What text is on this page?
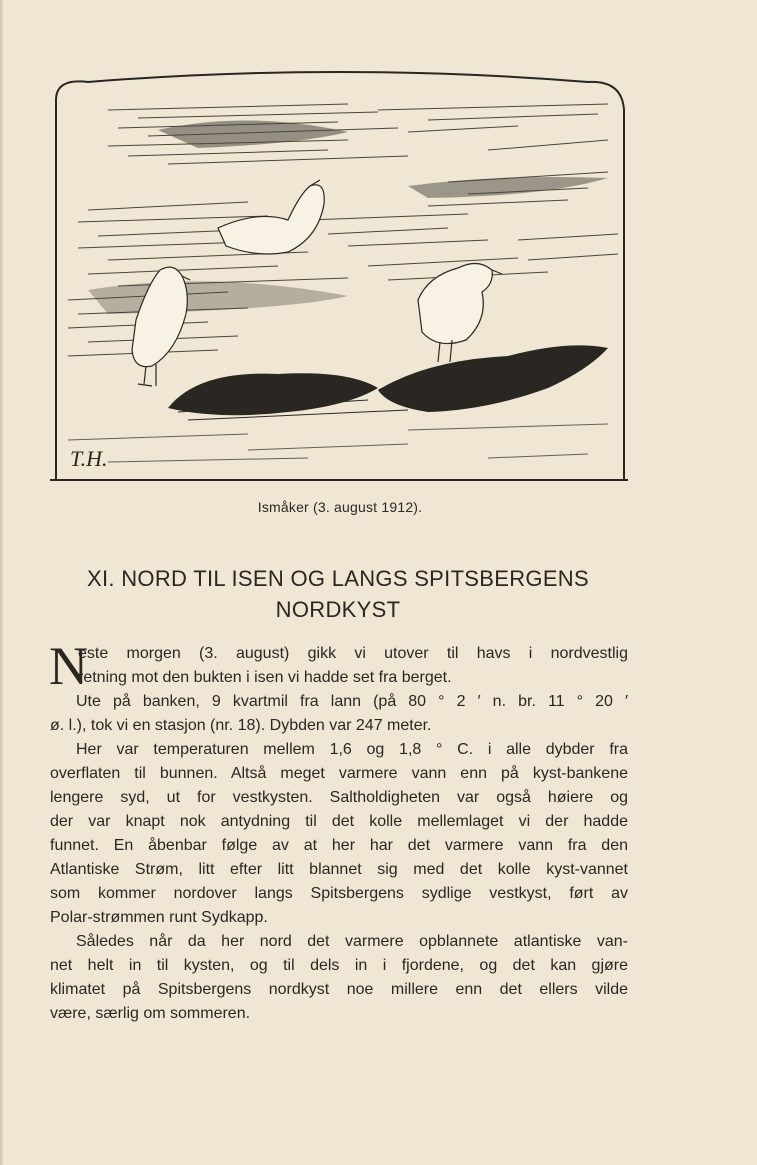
T.H.
Ismåker (3. august 1912).
XI. NORD TIL ISEN OG LANGS SPITSBERGENS
NORDKYST
N
este morgen (3. august) gikk vi utover til havs i nordvestlig
retning mot den bukten i isen vi hadde set fra berget.
Ute på banken, 9 kvartmil fra lann (på 80 ° 2 ′ n. br. 11 ° 20 ′
ø. l.), tok vi en stasjon (nr. 18). Dybden var 247 meter.
Her var temperaturen mellem 1,6 og 1,8 ° C. i alle dybder fra
overflaten til bunnen. Altså meget varmere vann enn på kyst-bankene
lengere syd, ut for vestkysten. Saltholdigheten var også høiere og
der var knapt nok antydning til det kolle mellemlaget vi der hadde
funnet. En åbenbar følge av at her har det varmere vann fra den
Atlantiske Strøm, litt efter litt blannet sig med det kolle kyst-vannet
som kommer nordover langs Spitsbergens sydlige vestkyst, ført av
Polar-strømmen runt Sydkapp.
Således når da her nord det varmere opblannete atlantiske van-
net helt in til kysten, og til dels in i fjordene, og det kan gjøre
klimatet på Spitsbergens nordkyst noe millere enn det ellers vilde
være, særlig om sommeren.
